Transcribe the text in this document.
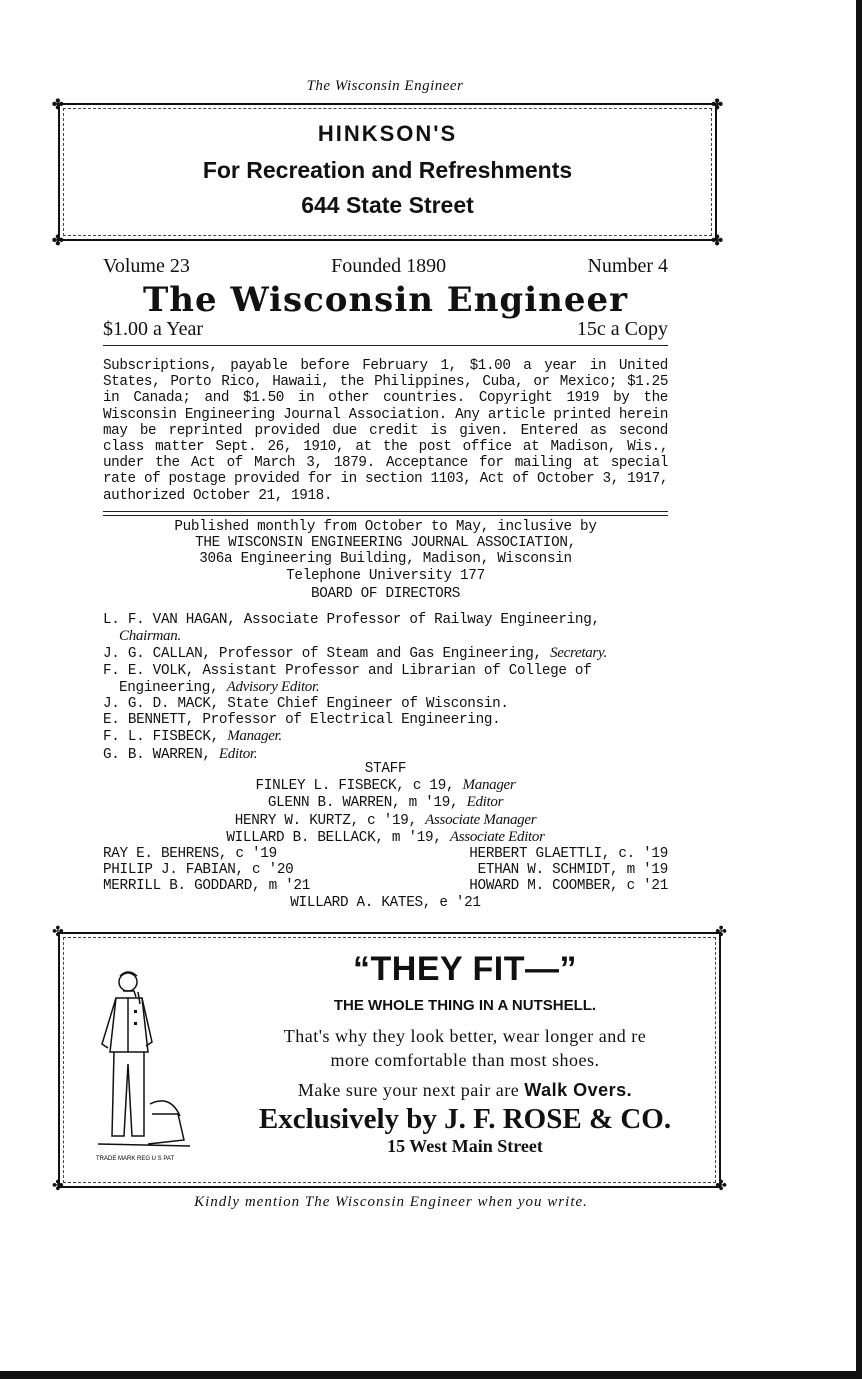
The Wisconsin Engineer
✤	✤
✤	✤
HINKSON'S
For Recreation and Refreshments
644 State Street
Volume 23	Founded 1890	Number 4
The Wisconsin Engineer
$1.00 a Year	15c a Copy
Subscriptions, payable before February 1, $1.00 a year in United States, Porto Rico, Hawaii, the Philippines, Cuba, or Mexico; $1.25 in Canada; and $1.50 in other countries. Copyright 1919 by the Wisconsin Engineering Journal Association. Any article printed herein may be reprinted provided due credit is given. Entered as second class matter Sept. 26, 1910, at the post office at Madison, Wis., under the Act of March 3, 1879. Acceptance for mailing at special rate of postage provided for in section 1103, Act of October 3, 1917, authorized October 21, 1918.
Published monthly from October to May, inclusive by
THE WISCONSIN ENGINEERING JOURNAL ASSOCIATION,
306a Engineering Building, Madison, Wisconsin
Telephone University 177
BOARD OF DIRECTORS
L. F. VAN HAGAN, Associate Professor of Railway Engineering, Chairman.
J. G. CALLAN, Professor of Steam and Gas Engineering, Secretary.
F. E. VOLK, Assistant Professor and Librarian of College of Engineering, Advisory Editor.
J. G. D. MACK, State Chief Engineer of Wisconsin.
E. BENNETT, Professor of Electrical Engineering.
F. L. FISBECK, Manager.
G. B. WARREN, Editor.
STAFF
FINLEY L. FISBECK, c 19, Manager
GLENN B. WARREN, m '19, Editor
HENRY W. KURTZ, c '19, Associate Manager
WILLARD B. BELLACK, m '19, Associate Editor
RAY E. BEHRENS, c '19	HERBERT GLAETTLI, c. '19
PHILIP J. FABIAN, c '20	ETHAN W. SCHMIDT, m '19
MERRILL B. GODDARD, m '21	HOWARD M. COOMBER, c '21
WILLARD A. KATES, e '21
✤	✤
✤	✤
TRADE MARK REG U S PAT
“THEY FIT—”
THE WHOLE THING IN A NUTSHELL.
That's why they look better, wear longer and re
more comfortable than most shoes.
Make sure your next pair are Walk Overs.
Exclusively by J. F. ROSE & CO.
15 West Main Street
Kindly mention The Wisconsin Engineer when you write.
